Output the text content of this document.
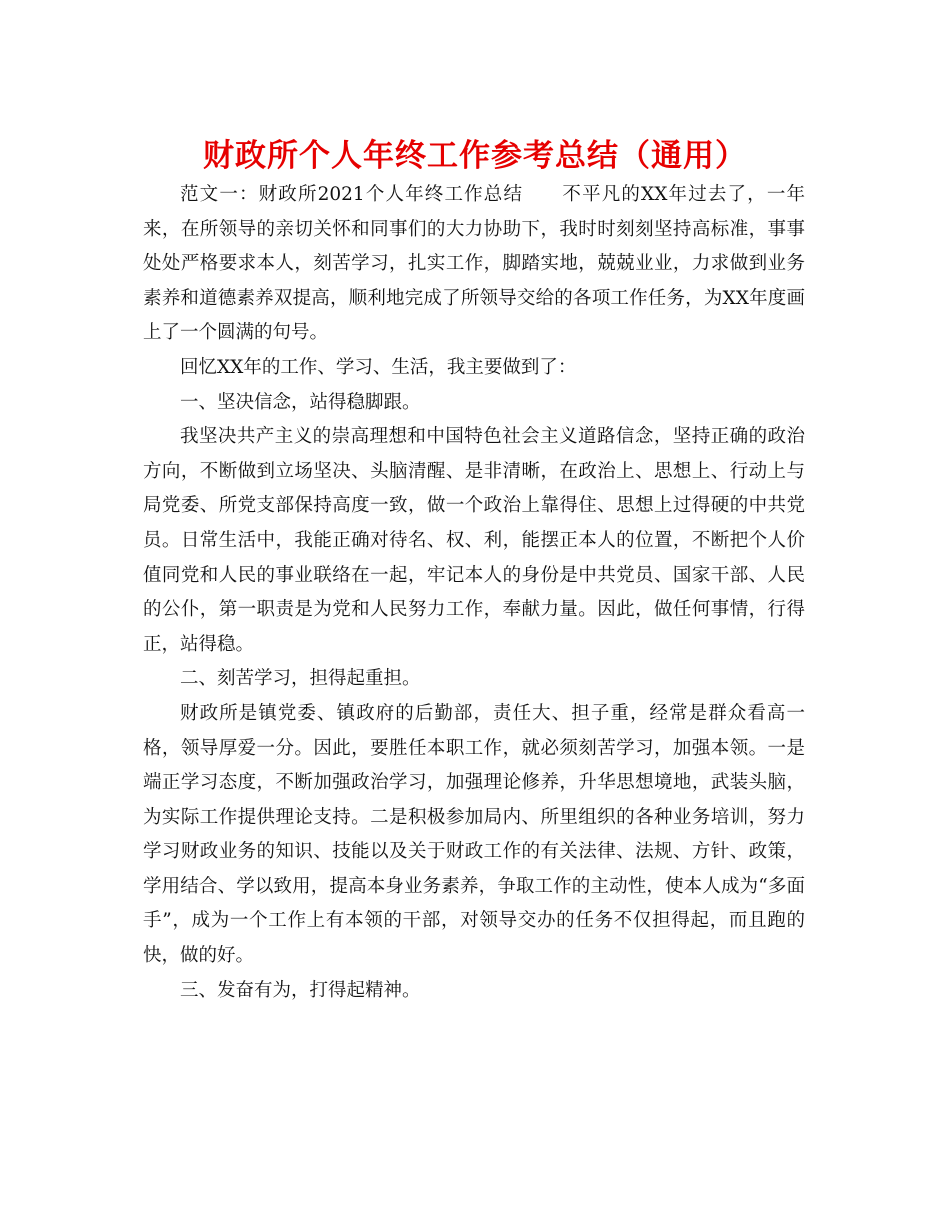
财政所个人年终工作参考总结（通用）

范文一：财政所2021个人年终工作总结　　不平凡的XX年过去了，一年来，在所领导的亲切关怀和同事们的大力协助下，我时时刻刻坚持高标准，事事处处严格要求本人，刻苦学习，扎实工作，脚踏实地，兢兢业业，力求做到业务素养和道德素养双提高，顺利地完成了所领导交给的各项工作任务，为XX年度画上了一个圆满的句号。

回忆XX年的工作、学习、生活，我主要做到了：

一、坚决信念，站得稳脚跟。

我坚决共产主义的崇高理想和中国特色社会主义道路信念，坚持正确的政治方向，不断做到立场坚决、头脑清醒、是非清晰，在政治上、思想上、行动上与局党委、所党支部保持高度一致，做一个政治上靠得住、思想上过得硬的中共党员。日常生活中，我能正确对待名、权、利，能摆正本人的位置，不断把个人价值同党和人民的事业联络在一起，牢记本人的身份是中共党员、国家干部、人民的公仆，第一职责是为党和人民努力工作，奉献力量。因此，做任何事情，行得正，站得稳。

二、刻苦学习，担得起重担。

财政所是镇党委、镇政府的后勤部，责任大、担子重，经常是群众看高一格，领导厚爱一分。因此，要胜任本职工作，就必须刻苦学习，加强本领。一是端正学习态度，不断加强政治学习，加强理论修养，升华思想境地，武装头脑，为实际工作提供理论支持。二是积极参加局内、所里组织的各种业务培训，努力学习财政业务的知识、技能以及关于财政工作的有关法律、法规、方针、政策，学用结合、学以致用，提高本身业务素养，争取工作的主动性，使本人成为“多面手”，成为一个工作上有本领的干部，对领导交办的任务不仅担得起，而且跑的快，做的好。

三、发奋有为，打得起精神。
